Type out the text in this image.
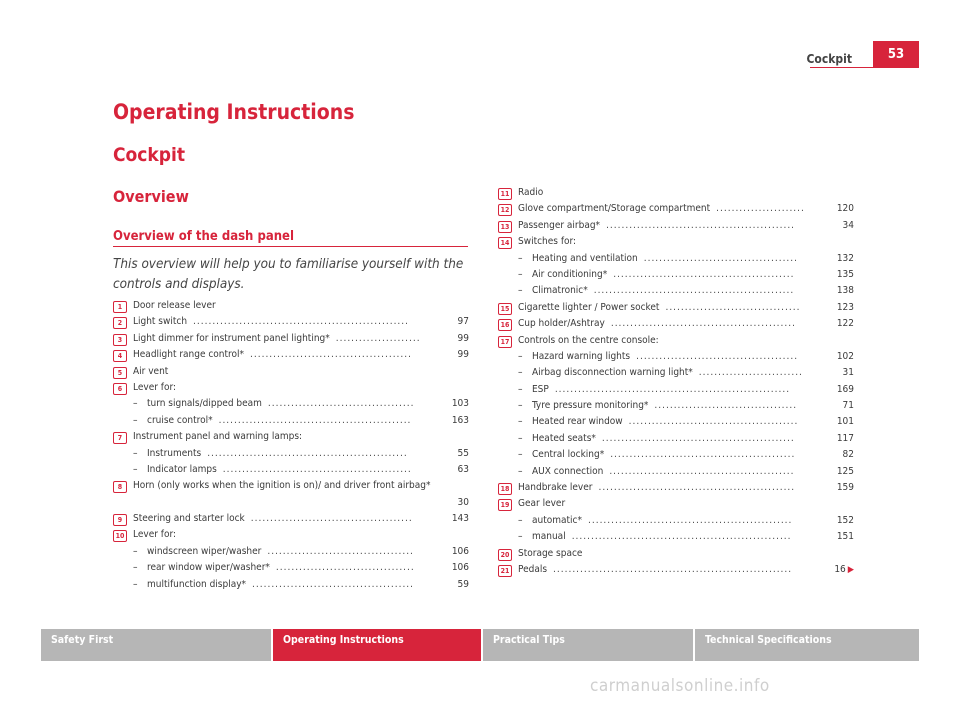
Cockpit	53
Operating Instructions
Cockpit
Overview
Overview of the dash panel
This overview will help you to familiarise yourself with the controls and displays.
1	Door release lever
2	Light switch	97
........................................................
3	Light dimmer for instrument panel lighting*	99
......................
4	Headlight range control*	99
..........................................
5	Air vent
6	Lever for:
– turn signals/dipped beam	103
......................................
– cruise control*	163
..................................................
7	Instrument panel and warning lamps:
– Instruments	55
....................................................
– Indicator lamps	63
.................................................
8	Horn (only works when the ignition is on)/ and driver front airbag*
30
9	Steering and starter lock	143
..........................................
10 Lever for:
– windscreen wiper/washer	106
......................................
– rear window wiper/washer*	106
....................................
– multifunction display*	59
..........................................
11 Radio
12 Glove compartment/Storage compartment	120
.......................
13 Passenger airbag*	34
.................................................
14 Switches for:
– Heating and ventilation	132
........................................
– Air conditioning*	135
...............................................
– Climatronic*	138
....................................................
15 Cigarette lighter / Power socket	123
...................................
16 Cup holder/Ashtray	122
................................................
17 Controls on the centre console:
– Hazard warning lights	102
..........................................
– Airbag disconnection warning light*	31
...........................
– ESP	169
.............................................................
– Tyre pressure monitoring*	71
.....................................
– Heated rear window	101
............................................
– Heated seats*	117
..................................................
– Central locking*	82
................................................
– AUX connection	125
................................................
18 Handbrake lever	159
...................................................
19 Gear lever
– automatic*	152
.....................................................
– manual	151
.........................................................
20 Storage space
21 Pedals	16 ▶
..............................................................
Safety First	Operating Instructions	Practical Tips	Technical Specifications
carmanualsonline.info
